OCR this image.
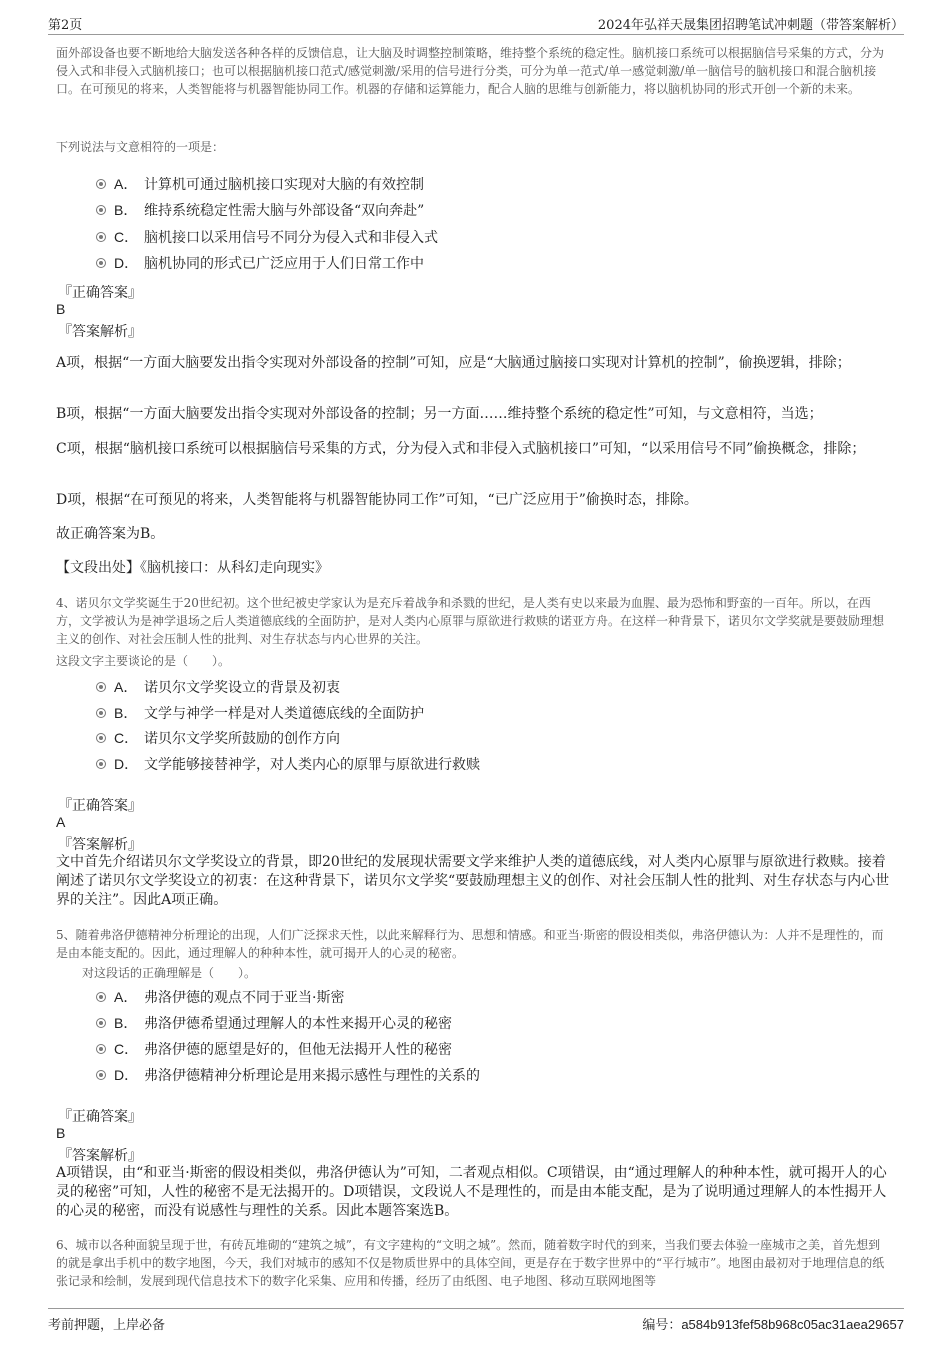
第2页	2024年弘祥天晟集团招聘笔试冲刺题（带答案解析）
面外部设备也要不断地给大脑发送各种各样的反馈信息，让大脑及时调整控制策略，维持整个系统的稳定性。脑机接口系统可以根据脑信号采集的方式，分为侵入式和非侵入式脑机接口；也可以根据脑机接口范式/感觉刺激/采用的信号进行分类，可分为单一范式/单一感觉刺激/单一脑信号的脑机接口和混合脑机接口。在可预见的将来，人类智能将与机器智能协同工作。机器的存储和运算能力，配合人脑的思维与创新能力，将以脑机协同的形式开创一个新的未来。
下列说法与文意相符的一项是：
A． 计算机可通过脑机接口实现对大脑的有效控制
B． 维持系统稳定性需大脑与外部设备“双向奔赴”
C． 脑机接口以采用信号不同分为侵入式和非侵入式
D． 脑机协同的形式已广泛应用于人们日常工作中
『正确答案』
B
『答案解析』
A项，根据“一方面大脑要发出指令实现对外部设备的控制”可知，应是“大脑通过脑接口实现对计算机的控制”，偷换逻辑，排除；
B项，根据“一方面大脑要发出指令实现对外部设备的控制；另一方面……维持整个系统的稳定性”可知，与文意相符，当选；
C项，根据“脑机接口系统可以根据脑信号采集的方式，分为侵入式和非侵入式脑机接口”可知，“以采用信号不同”偷换概念，排除；
D项，根据“在可预见的将来，人类智能将与机器智能协同工作”可知，“已广泛应用于”偷换时态，排除。
故正确答案为B。
【文段出处】《脑机接口：从科幻走向现实》
4、诺贝尔文学奖诞生于20世纪初。这个世纪被史学家认为是充斥着战争和杀戮的世纪，是人类有史以来最为血腥、最为恐怖和野蛮的一百年。所以，在西方，文学被认为是神学退场之后人类道德底线的全面防护，是对人类内心原罪与原欲进行救赎的诺亚方舟。在这样一种背景下，诺贝尔文学奖就是要鼓励理想主义的创作、对社会压制人性的批判、对生存状态与内心世界的关注。
这段文字主要谈论的是（　　）。
A． 诺贝尔文学奖设立的背景及初衷
B． 文学与神学一样是对人类道德底线的全面防护
C． 诺贝尔文学奖所鼓励的创作方向
D． 文学能够接替神学，对人类内心的原罪与原欲进行救赎
『正确答案』
A
『答案解析』
文中首先介绍诺贝尔文学奖设立的背景，即20世纪的发展现状需要文学来维护人类的道德底线，对人类内心原罪与原欲进行救赎。接着阐述了诺贝尔文学奖设立的初衷：在这种背景下，诺贝尔文学奖“要鼓励理想主义的创作、对社会压制人性的批判、对生存状态与内心世界的关注”。因此A项正确。
5、随着弗洛伊德精神分析理论的出现，人们广泛探求天性，以此来解释行为、思想和情感。和亚当·斯密的假设相类似，弗洛伊德认为：人并不是理性的，而是由本能支配的。因此，通过理解人的种种本性，就可揭开人的心灵的秘密。
对这段话的正确理解是（　　）。
A． 弗洛伊德的观点不同于亚当·斯密
B． 弗洛伊德希望通过理解人的本性来揭开心灵的秘密
C． 弗洛伊德的愿望是好的，但他无法揭开人性的秘密
D． 弗洛伊德精神分析理论是用来揭示感性与理性的关系的
『正确答案』
B
『答案解析』
A项错误，由“和亚当·斯密的假设相类似，弗洛伊德认为”可知，二者观点相似。C项错误，由“通过理解人的种种本性，就可揭开人的心灵的秘密”可知，人性的秘密不是无法揭开的。D项错误，文段说人不是理性的，而是由本能支配，是为了说明通过理解人的本性揭开人的心灵的秘密，而没有说感性与理性的关系。因此本题答案选B。
6、城市以各种面貌呈现于世，有砖瓦堆砌的“建筑之城”，有文字建构的“文明之城”。然而，随着数字时代的到来，当我们要去体验一座城市之美，首先想到的就是拿出手机中的数字地图，今天，我们对城市的感知不仅是物质世界中的具体空间，更是存在于数字世界中的“平行城市”。地图由最初对于地理信息的纸张记录和绘制，发展到现代信息技术下的数字化采集、应用和传播，经历了由纸图、电子地图、移动互联网地图等
考前押题，上岸必备	编号：a584b913fef58b968c05ac31aea29657
